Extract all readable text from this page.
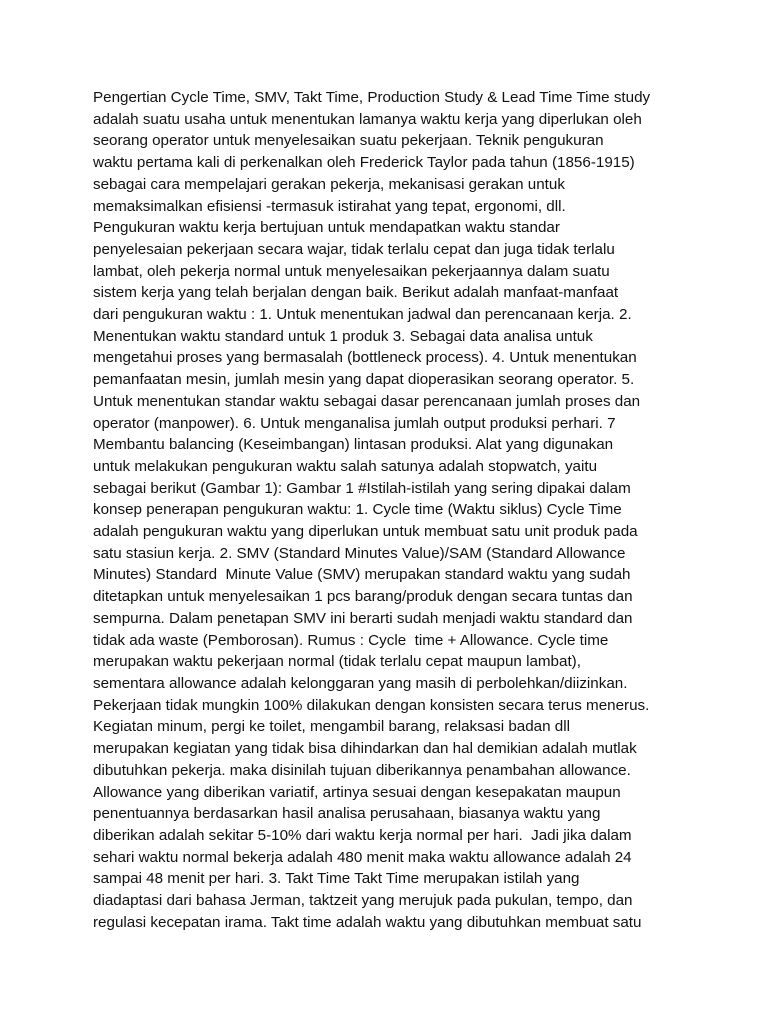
Pengertian Cycle Time, SMV, Takt Time, Production Study & Lead Time Time study
adalah suatu usaha untuk menentukan lamanya waktu kerja yang diperlukan oleh
seorang operator untuk menyelesaikan suatu pekerjaan. Teknik pengukuran
waktu pertama kali di perkenalkan oleh Frederick Taylor pada tahun (1856-1915)
sebagai cara mempelajari gerakan pekerja, mekanisasi gerakan untuk
memaksimalkan efisiensi -termasuk istirahat yang tepat, ergonomi, dll.
Pengukuran waktu kerja bertujuan untuk mendapatkan waktu standar
penyelesaian pekerjaan secara wajar, tidak terlalu cepat dan juga tidak terlalu
lambat, oleh pekerja normal untuk menyelesaikan pekerjaannya dalam suatu
sistem kerja yang telah berjalan dengan baik. Berikut adalah manfaat-manfaat
dari pengukuran waktu : 1. Untuk menentukan jadwal dan perencanaan kerja. 2.
Menentukan waktu standard untuk 1 produk 3. Sebagai data analisa untuk
mengetahui proses yang bermasalah (bottleneck process). 4. Untuk menentukan
pemanfaatan mesin, jumlah mesin yang dapat dioperasikan seorang operator. 5.
Untuk menentukan standar waktu sebagai dasar perencanaan jumlah proses dan
operator (manpower). 6. Untuk menganalisa jumlah output produksi perhari. 7
Membantu balancing (Keseimbangan) lintasan produksi. Alat yang digunakan
untuk melakukan pengukuran waktu salah satunya adalah stopwatch, yaitu
sebagai berikut (Gambar 1): Gambar 1 #Istilah-istilah yang sering dipakai dalam
konsep penerapan pengukuran waktu: 1. Cycle time (Waktu siklus) Cycle Time
adalah pengukuran waktu yang diperlukan untuk membuat satu unit produk pada
satu stasiun kerja. 2. SMV (Standard Minutes Value)/SAM (Standard Allowance
Minutes) Standard  Minute Value (SMV) merupakan standard waktu yang sudah
ditetapkan untuk menyelesaikan 1 pcs barang/produk dengan secara tuntas dan
sempurna. Dalam penetapan SMV ini berarti sudah menjadi waktu standard dan
tidak ada waste (Pemborosan). Rumus : Cycle  time + Allowance. Cycle time
merupakan waktu pekerjaan normal (tidak terlalu cepat maupun lambat),
sementara allowance adalah kelonggaran yang masih di perbolehkan/diizinkan.
Pekerjaan tidak mungkin 100% dilakukan dengan konsisten secara terus menerus.
Kegiatan minum, pergi ke toilet, mengambil barang, relaksasi badan dll
merupakan kegiatan yang tidak bisa dihindarkan dan hal demikian adalah mutlak
dibutuhkan pekerja. maka disinilah tujuan diberikannya penambahan allowance.
Allowance yang diberikan variatif, artinya sesuai dengan kesepakatan maupun
penentuannya berdasarkan hasil analisa perusahaan, biasanya waktu yang
diberikan adalah sekitar 5-10% dari waktu kerja normal per hari.  Jadi jika dalam
sehari waktu normal bekerja adalah 480 menit maka waktu allowance adalah 24
sampai 48 menit per hari. 3. Takt Time Takt Time merupakan istilah yang
diadaptasi dari bahasa Jerman, taktzeit yang merujuk pada pukulan, tempo, dan
regulasi kecepatan irama. Takt time adalah waktu yang dibutuhkan membuat satu
